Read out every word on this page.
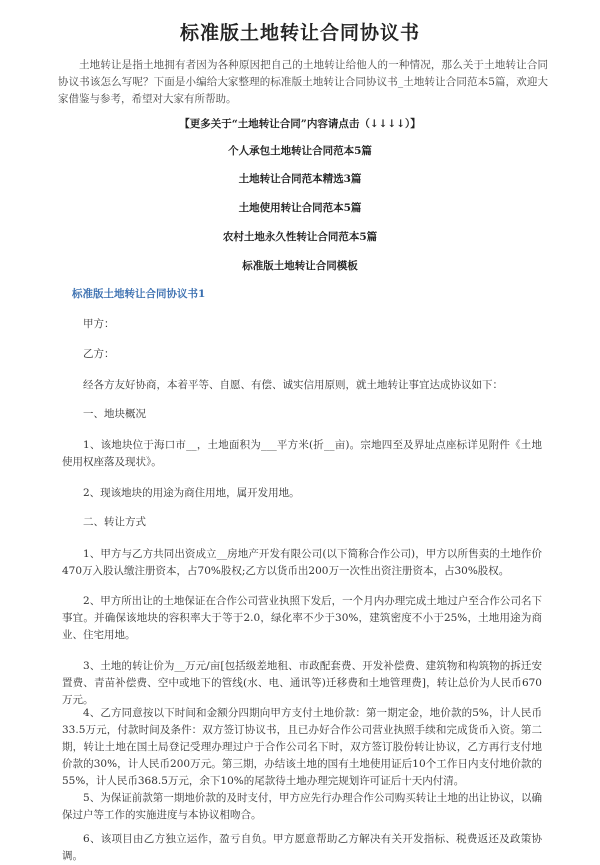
标准版土地转让合同协议书
土地转让是指土地拥有者因为各种原因把自己的土地转让给他人的一种情况，那么关于土地转让合同协议书该怎么写呢？下面是小编给大家整理的标准版土地转让合同协议书_土地转让合同范本5篇，欢迎大家借鉴与参考，希望对大家有所帮助。
【更多关于“土地转让合同”内容请点击（↓↓↓↓）】
个人承包土地转让合同范本5篇
土地转让合同范本精选3篇
土地使用转让合同范本5篇
农村土地永久性转让合同范本5篇
标准版土地转让合同模板
标准版土地转让合同协议书1
甲方：
乙方：
经各方友好协商，本着平等、自愿、有偿、诚实信用原则，就土地转让事宜达成协议如下：
一、地块概况
1、该地块位于海口市__，土地面积为___平方米(折__亩)。宗地四至及界址点座标详见附件《土地使用权座落及现状》。
2、现该地块的用途为商住用地，属开发用地。
二、转让方式
1、甲方与乙方共同出资成立__房地产开发有限公司(以下简称合作公司)，甲方以所售卖的土地作价470万入股认缴注册资本，占70%股权;乙方以货币出200万一次性出资注册资本，占30%股权。
2、甲方所出让的土地保证在合作公司营业执照下发后，一个月内办理完成土地过户至合作公司名下事宜。并确保该地块的容积率大于等于2.0，绿化率不少于30%，建筑密度不小于25%，土地用途为商业、住宅用地。
3、土地的转让价为__万元/亩[包括级差地租、市政配套费、开发补偿费、建筑物和构筑物的拆迁安置费、青苗补偿费、空中或地下的管线(水、电、通讯等)迁移费和土地管理费]，转让总价为人民币670万元。
4、乙方同意按以下时间和金额分四期向甲方支付土地价款：第一期定金，地价款的5%，计人民币33.5万元，付款时间及条件：双方签订协议书，且已办好合作公司营业执照手续和完成货币入资。第二期，转让土地在国土局登记受理办理过户于合作公司名下时，双方签订股份转让协议，乙方再行支付地价款的30%，计人民币200万元。第三期，办结该土地的国有土地使用证后10个工作日内支付地价款的55%，计人民币368.5万元，余下10%的尾款待土地办理完规划许可证后十天内付清。
5、为保证前款第一期地价款的及时支付，甲方应先行办理合作公司购买转让土地的出让协议，以确保过户等工作的实施进度与本协议相吻合。
6、该项目由乙方独立运作，盈亏自负。甲方愿意帮助乙方解决有关开发指标、税费返还及政策协调。
